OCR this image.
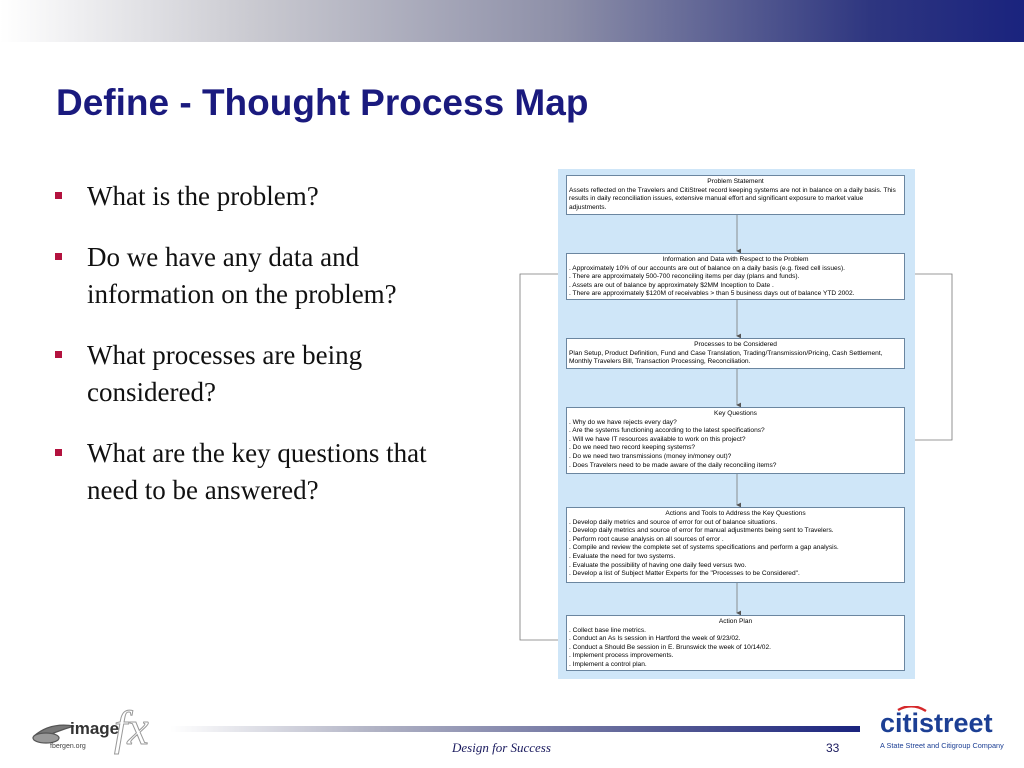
Define - Thought Process Map
What is the problem?
Do we have any data and information on the problem?
What processes are being considered?
What are the key questions that need to be answered?
Problem Statement
Assets reflected on the Travelers and CitiStreet record keeping systems are not in balance on a daily basis. This results in daily reconciliation issues, extensive manual effort and significant exposure to market value adjustments.
Information and Data with Respect to the Problem
. Approximately 10% of our accounts are out of balance on a daily basis (e.g. fixed cell issues).
. There are approximately 500-700 reconciling items per day (plans and funds).
. Assets are out of balance by approximately $2MM Inception to Date .
. There are approximately $120M of receivables > than 5 business days out of balance YTD 2002.
Processes to be Considered
Plan Setup, Product Definition, Fund and Case Translation, Trading/Transmission/Pricing, Cash Settlement, Monthly Travelers Bill, Transaction Processing, Reconciliation.
Key Questions
. Why do we have rejects every day?
. Are the systems functioning according to the latest specifications?
. Will we have IT resources available to work on this project?
. Do we need two record keeping systems?
. Do we need two transmissions (money in/money out)?
. Does Travelers need to be made aware of the daily reconciling items?
Actions and Tools to Address the Key Questions
. Develop daily metrics and source of error for out of balance situations.
. Develop daily metrics and source of error for manual adjustments being sent to Travelers.
. Perform root cause analysis on all sources of error .
. Compile and review the complete set of systems specifications and perform a gap analysis.
. Evaluate the need for two systems.
. Evaluate the possibility of having one daily feed versus two.
. Develop a list of Subject Matter Experts for the "Processes to be Considered".
Action Plan
. Collect base line metrics.
. Conduct an As Is session in Hartford the week of 9/23/02.
. Conduct a Should Be session in E. Brunswick the week of 10/14/02.
. Implement process improvements.
. Implement a control plan.
image
fx
fbergen.org	Design for Success	33
citistreet
A State Street and Citigroup Company
